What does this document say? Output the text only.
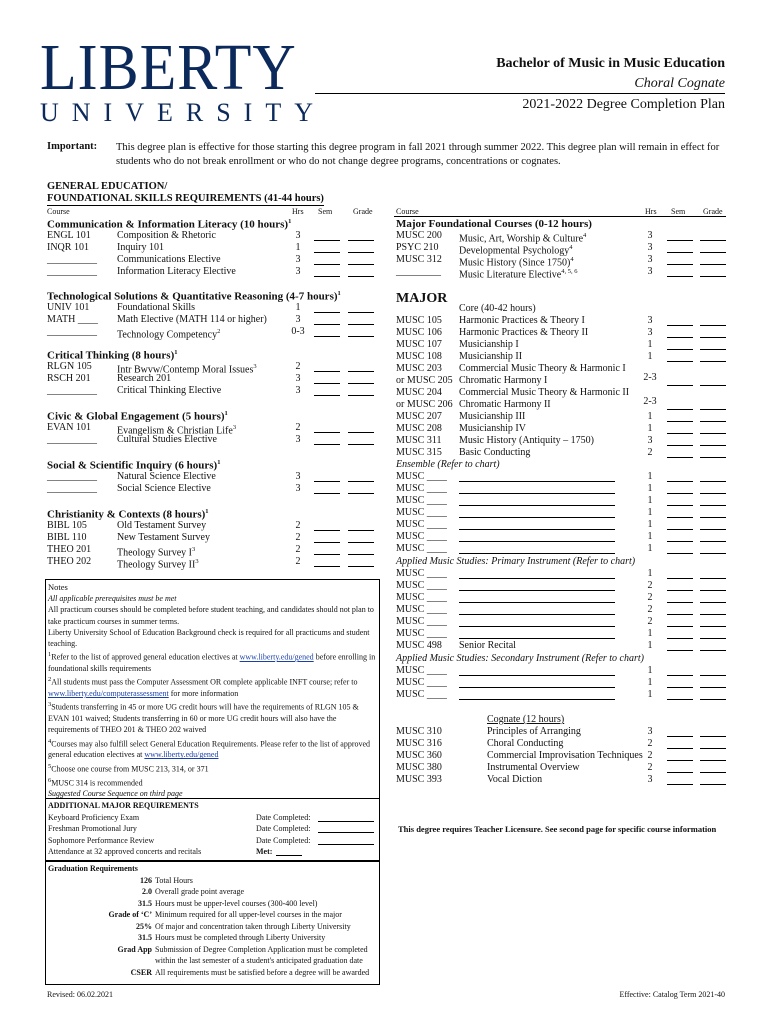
LIBERTY
UNIVERSITY
Bachelor of Music in Music Education
Choral Cognate
2021-2022 Degree Completion Plan
Important: This degree plan is effective for those starting this degree program in fall 2021 through summer 2022. This degree plan will remain in effect for students who do not break enrollment or who do not change degree programs, concentrations or cognates.
GENERAL EDUCATION/
FOUNDATIONAL SKILLS REQUIREMENTS (41-44 hours)
Course	Hrs Sem	Grade
Communication & Information Literacy (10 hours)$^1$
ENGL 101	Composition & Rhetoric	3
INQR 101	Inquiry 101	1
__________ Communications Elective	3
__________ Information Literacy Elective	3
Technological Solutions & Quantitative Reasoning (4-7 hours)$^1$
UNIV 101	Foundational Skills	1
MATH ____ Math Elective (MATH 114 or higher)	3
__________ Technology Competency$^2$	0-3
Critical Thinking (8 hours)$^1$
RLGN 105	Intr Bwvw/Contemp Moral Issues$^3$	2
RSCH 201	Research 201	3
__________ Critical Thinking Elective	3
Civic & Global Engagement (5 hours)$^1$
EVAN 101	Evangelism & Christian Life$^3$	2
__________ Cultural Studies Elective	3
Social & Scientific Inquiry (6 hours)$^1$
__________ Natural Science Elective	3
__________ Social Science Elective	3
Christianity & Contexts (8 hours)$^1$
BIBL 105	Old Testament Survey	2
BIBL 110	New Testament Survey	2
THEO 201	Theology Survey $I^3$	2
THEO 202	Theology Survey $II^3$	2
Notes
All applicable prerequisites must be met
All practicum courses should be completed before student teaching, and candidates should not plan to take practicum courses in summer terms.
Liberty University School of Education Background check is required for all practicums and student teaching.
$^1$Refer to the list of approved general education electives at www.liberty.edu/gened before enrolling in foundational skills requirements
$^2$All students must pass the Computer Assessment OR complete applicable INFT course; refer to www.liberty.edu/computerassessment for more information
$^3$Students transferring in 45 or more UG credit hours will have the requirements of RLGN 105 & EVAN 101 waived; Students transferring in 60 or more UG credit hours will also have the requirements of THEO 201 & THEO 202 waived
$^4$Courses may also fulfill select General Education Requirements. Please refer to the list of approved general education electives at www.liberty.edu/gened
$^5$Choose one course from MUSC 213, 314, or 371
$^6$MUSC 314 is recommended
Suggested Course Sequence on third page
ADDITIONAL MAJOR REQUIREMENTS
Keyboard Proficiency Exam	Date Completed:
Freshman Promotional Jury	Date Completed:
Sophomore Performance Review	Date Completed:
Attendance at 32 approved concerts and recitals	Met:
Graduation Requirements
126 Total Hours
2.0 Overall grade point average
31.5 Hours must be upper-level courses (300-400 level)
Grade of ‘C’ Minimum required for all upper-level courses in the major
25% Of major and concentration taken through Liberty University
31.5 Hours must be completed through Liberty University
Grad App Submission of Degree Completion Application must be completed within the last semester of a student's anticipated graduation date
CSER All requirements must be satisfied before a degree will be awarded
Course	Hrs Sem Grade
Major Foundational Courses (0-12 hours)
MAJOR
MUSC 200 Music, Art, Worship & Culture$^4$	3
PSYC 210 Developmental Psychology$^4$	3
MUSC 312 Music History (Since 1750)$^4$	3
_________ Music Literature Elective$^{4, 5, 6}$	3
Core (40-42 hours)
MUSC 105 Harmonic Practices & Theory I	3
MUSC 106 Harmonic Practices & Theory II	3
MUSC 107 Musicianship I	1
MUSC 108 Musicianship II	1
MUSC 203 Commercial Music Theory & Harmonic I
or MUSC 205 Chromatic Harmony I	2-3
MUSC 204 Commercial Music Theory & Harmonic II
or MUSC 206 Chromatic Harmony II	2-3
MUSC 207 Musicianship III	1
MUSC 208 Musicianship IV	1
MUSC 311 Music History (Antiquity – 1750)	3
MUSC 315 Basic Conducting	2
Ensemble (Refer to chart)
MUSC ____	1
MUSC ____	1
MUSC ____	1
MUSC ____	1
MUSC ____	1
MUSC ____	1
MUSC ____	1
Applied Music Studies: Primary Instrument (Refer to chart)
MUSC ____	1
MUSC ____	2
MUSC ____	2
MUSC ____	2
MUSC ____	2
MUSC ____	1
MUSC 498 Senior Recital	1
Applied Music Studies: Secondary Instrument (Refer to chart)
MUSC ____	1
MUSC ____	1
MUSC ____	1
Cognate (12 hours)
MUSC 310	Principles of Arranging	3
MUSC 316	Choral Conducting	2
MUSC 360	Commercial Improvisation Techniques 2
MUSC 380	Instrumental Overview	2
MUSC 393	Vocal Diction	3
This degree requires Teacher Licensure. See second page for specific course information
Revised: 06.02.2021	Effective: Catalog Term 2021-40
